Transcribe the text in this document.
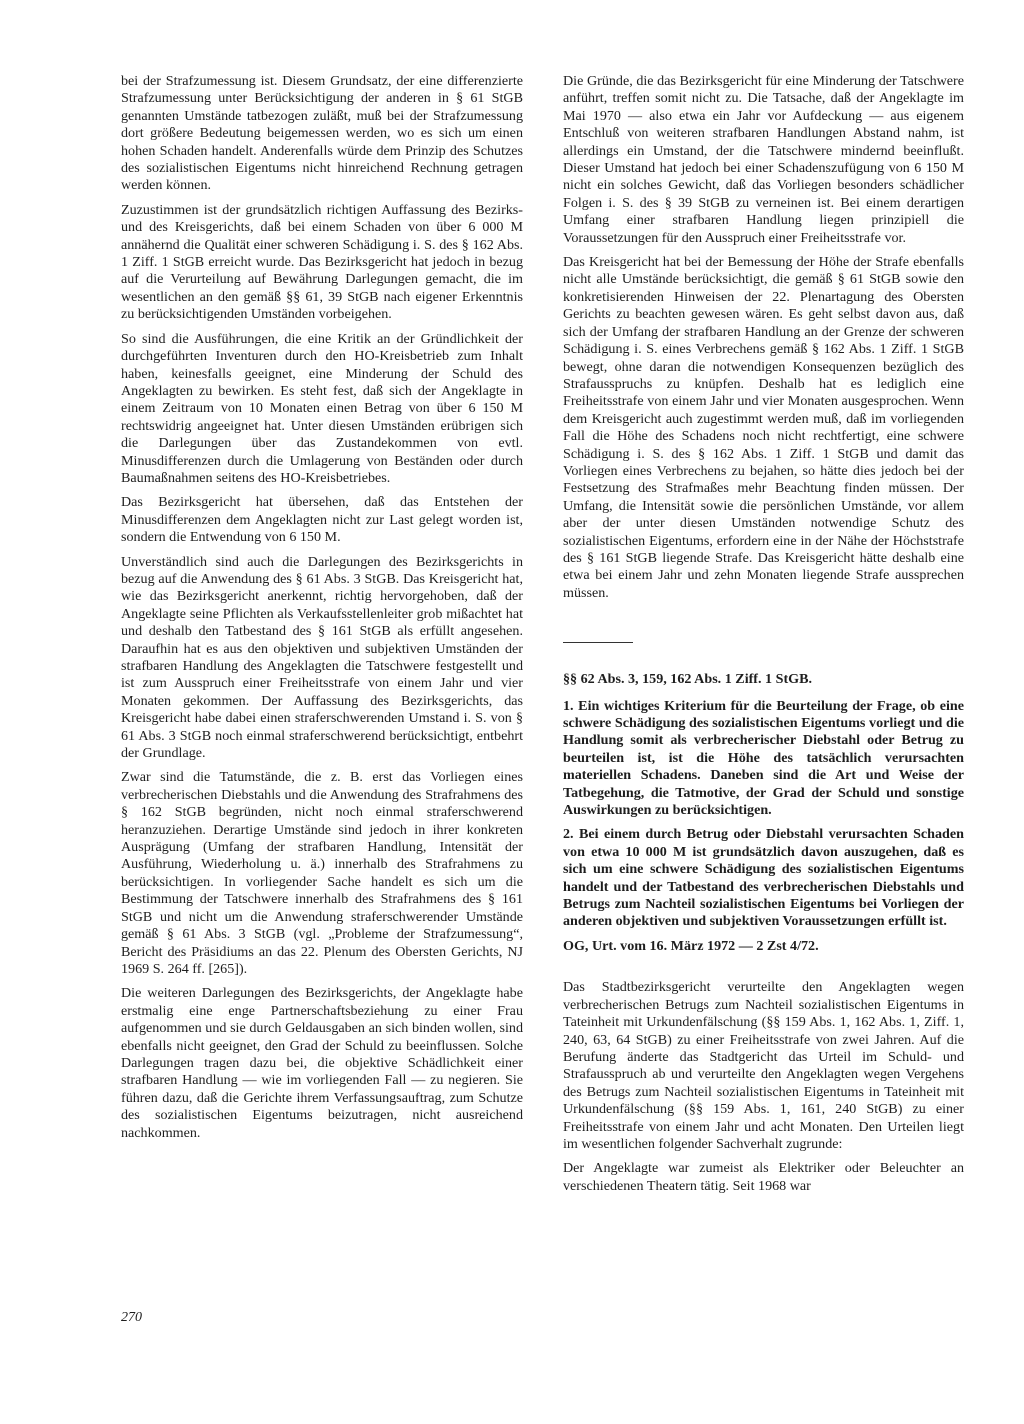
bei der Strafzumessung ist. Diesem Grundsatz, der eine differenzierte Strafzumessung unter Berücksichtigung der anderen in § 61 StGB genannten Umstände tatbezogen zuläßt, muß bei der Strafzumessung dort größere Bedeutung beigemessen werden, wo es sich um einen hohen Schaden handelt. Anderenfalls würde dem Prinzip des Schutzes des sozialistischen Eigentums nicht hinreichend Rechnung getragen werden können.

Zuzustimmen ist der grundsätzlich richtigen Auffassung des Bezirks- und des Kreisgerichts, daß bei einem Schaden von über 6 000 M annähernd die Qualität einer schweren Schädigung i. S. des § 162 Abs. 1 Ziff. 1 StGB erreicht wurde. Das Bezirksgericht hat jedoch in bezug auf die Verurteilung auf Bewährung Darlegungen gemacht, die im wesentlichen an den gemäß §§ 61, 39 StGB nach eigener Erkenntnis zu berücksichtigenden Umständen vorbeigehen.

So sind die Ausführungen, die eine Kritik an der Gründlichkeit der durchgeführten Inventuren durch den HO-Kreisbetrieb zum Inhalt haben, keinesfalls geeignet, eine Minderung der Schuld des Angeklagten zu bewirken. Es steht fest, daß sich der Angeklagte in einem Zeitraum von 10 Monaten einen Betrag von über 6 150 M rechtswidrig angeeignet hat. Unter diesen Umständen erübrigen sich die Darlegungen über das Zustandekommen von evtl. Minusdifferenzen durch die Umlagerung von Beständen oder durch Baumaßnahmen seitens des HO-Kreisbetriebes.

Das Bezirksgericht hat übersehen, daß das Entstehen der Minusdifferenzen dem Angeklagten nicht zur Last gelegt worden ist, sondern die Entwendung von 6 150 M.

Unverständlich sind auch die Darlegungen des Bezirksgerichts in bezug auf die Anwendung des § 61 Abs. 3 StGB. Das Kreisgericht hat, wie das Bezirksgericht anerkennt, richtig hervorgehoben, daß der Angeklagte seine Pflichten als Verkaufsstellenleiter grob mißachtet hat und deshalb den Tatbestand des § 161 StGB als erfüllt angesehen. Daraufhin hat es aus den objektiven und subjektiven Umständen der strafbaren Handlung des Angeklagten die Tatschwere festgestellt und ist zum Ausspruch einer Freiheitsstrafe von einem Jahr und vier Monaten gekommen. Der Auffassung des Bezirksgerichts, das Kreisgericht habe dabei einen straferschwerenden Umstand i. S. von § 61 Abs. 3 StGB noch einmal straferschwerend berücksichtigt, entbehrt der Grundlage.

Zwar sind die Tatumstände, die z. B. erst das Vorliegen eines verbrecherischen Diebstahls und die Anwendung des Strafrahmens des § 162 StGB begründen, nicht noch einmal straferschwerend heranzuziehen. Derartige Umstände sind jedoch in ihrer konkreten Ausprägung (Umfang der strafbaren Handlung, Intensität der Ausführung, Wiederholung u. ä.) innerhalb des Strafrahmens zu berücksichtigen. In vorliegender Sache handelt es sich um die Bestimmung der Tatschwere innerhalb des Strafrahmens des § 161 StGB und nicht um die Anwendung straferschwerender Umstände gemäß § 61 Abs. 3 StGB (vgl. „Probleme der Strafzumessung“, Bericht des Präsidiums an das 22. Plenum des Obersten Gerichts, NJ 1969 S. 264 ff. [265]).

Die weiteren Darlegungen des Bezirksgerichts, der Angeklagte habe erstmalig eine enge Partnerschaftsbeziehung zu einer Frau aufgenommen und sie durch Geldausgaben an sich binden wollen, sind ebenfalls nicht geeignet, den Grad der Schuld zu beeinflussen. Solche Darlegungen tragen dazu bei, die objektive Schädlichkeit einer strafbaren Handlung — wie im vorliegenden Fall — zu negieren. Sie führen dazu, daß die Gerichte ihrem Verfassungsauftrag, zum Schutze des sozialistischen Eigentums beizutragen, nicht ausreichend nachkommen.

Die Gründe, die das Bezirksgericht für eine Minderung der Tatschwere anführt, treffen somit nicht zu. Die Tatsache, daß der Angeklagte im Mai 1970 — also etwa ein Jahr vor Aufdeckung — aus eigenem Entschluß von weiteren strafbaren Handlungen Abstand nahm, ist allerdings ein Umstand, der die Tatschwere mindernd beeinflußt. Dieser Umstand hat jedoch bei einer Schadenszufügung von 6 150 M nicht ein solches Gewicht, daß das Vorliegen besonders schädlicher Folgen i. S. des § 39 StGB zu verneinen ist. Bei einem derartigen Umfang einer strafbaren Handlung liegen prinzipiell die Voraussetzungen für den Ausspruch einer Freiheitsstrafe vor.

Das Kreisgericht hat bei der Bemessung der Höhe der Strafe ebenfalls nicht alle Umstände berücksichtigt, die gemäß § 61 StGB sowie den konkretisierenden Hinweisen der 22. Plenartagung des Obersten Gerichts zu beachten gewesen wären. Es geht selbst davon aus, daß sich der Umfang der strafbaren Handlung an der Grenze der schweren Schädigung i. S. eines Verbrechens gemäß § 162 Abs. 1 Ziff. 1 StGB bewegt, ohne daran die notwendigen Konsequenzen bezüglich des Strafausspruchs zu knüpfen. Deshalb hat es lediglich eine Freiheitsstrafe von einem Jahr und vier Monaten ausgesprochen. Wenn dem Kreisgericht auch zugestimmt werden muß, daß im vorliegenden Fall die Höhe des Schadens noch nicht rechtfertigt, eine schwere Schädigung i. S. des § 162 Abs. 1 Ziff. 1 StGB und damit das Vorliegen eines Verbrechens zu bejahen, so hätte dies jedoch bei der Festsetzung des Strafmaßes mehr Beachtung finden müssen. Der Umfang, die Intensität sowie die persönlichen Umstände, vor allem aber der unter diesen Umständen notwendige Schutz des sozialistischen Eigentums, erfordern eine in der Nähe der Höchststrafe des § 161 StGB liegende Strafe. Das Kreisgericht hätte deshalb eine etwa bei einem Jahr und zehn Monaten liegende Strafe aussprechen müssen.

§§ 62 Abs. 3, 159, 162 Abs. 1 Ziff. 1 StGB.

1. Ein wichtiges Kriterium für die Beurteilung der Frage, ob eine schwere Schädigung des sozialistischen Eigentums vorliegt und die Handlung somit als verbrecherischer Diebstahl oder Betrug zu beurteilen ist, ist die Höhe des tatsächlich verursachten materiellen Schadens. Daneben sind die Art und Weise der Tatbegehung, die Tatmotive, der Grad der Schuld und sonstige Auswirkungen zu berücksichtigen.

2. Bei einem durch Betrug oder Diebstahl verursachten Schaden von etwa 10 000 M ist grundsätzlich davon auszugehen, daß es sich um eine schwere Schädigung des sozialistischen Eigentums handelt und der Tatbestand des verbrecherischen Diebstahls und Betrugs zum Nachteil sozialistischen Eigentums bei Vorliegen der anderen objektiven und subjektiven Voraussetzungen erfüllt ist.

OG, Urt. vom 16. März 1972 — 2 Zst 4/72.

Das Stadtbezirksgericht verurteilte den Angeklagten wegen verbrecherischen Betrugs zum Nachteil sozialistischen Eigentums in Tateinheit mit Urkundenfälschung (§§ 159 Abs. 1, 162 Abs. 1, Ziff. 1, 240, 63, 64 StGB) zu einer Freiheitsstrafe von zwei Jahren. Auf die Berufung änderte das Stadtgericht das Urteil im Schuld- und Strafausspruch ab und verurteilte den Angeklagten wegen Vergehens des Betrugs zum Nachteil sozialistischen Eigentums in Tateinheit mit Urkundenfälschung (§§ 159 Abs. 1, 161, 240 StGB) zu einer Freiheitsstrafe von einem Jahr und acht Monaten. Den Urteilen liegt im wesentlichen folgender Sachverhalt zugrunde:

Der Angeklagte war zumeist als Elektriker oder Beleuchter an verschiedenen Theatern tätig. Seit 1968 war

270
